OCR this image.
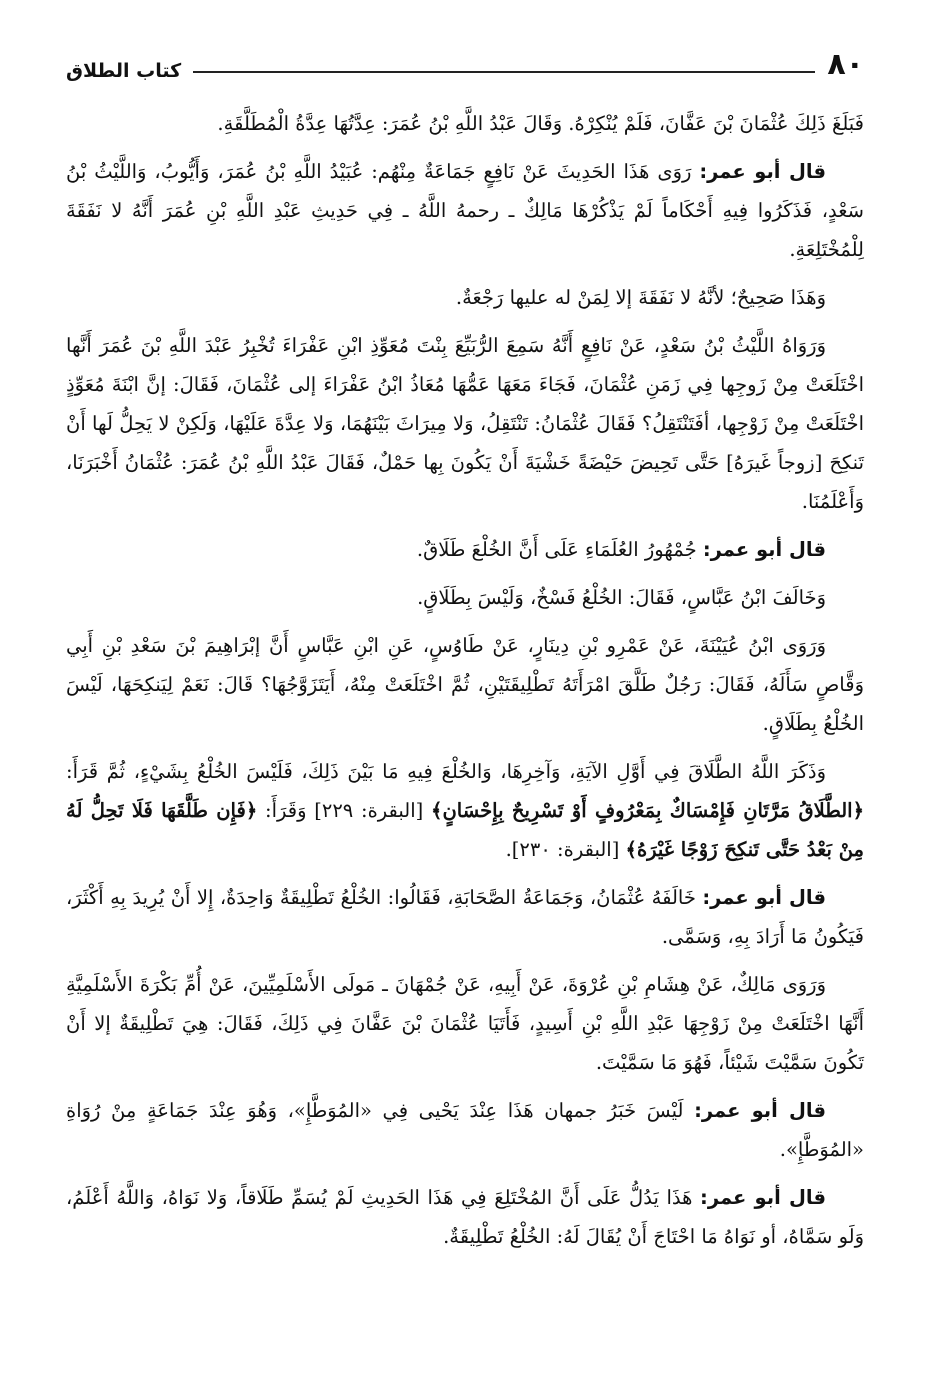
٨٠
كتاب الطلاق

فَبَلَغَ ذَلِكَ عُثْمَانَ بْنَ عَفَّانَ، فَلَمْ يُنْكِرْهُ. وَقَالَ عَبْدُ اللَّهِ بْنُ عُمَرَ: عِدَّتُهَا عِدَّةُ الْمُطَلَّقَةِ.

قال أبو عمر: رَوَى هَذَا الحَدِيثَ عَنْ نَافِعٍ جَمَاعَةٌ مِنْهُم: عُبَيْدُ اللَّهِ بْنُ عُمَرَ، وَأَيُّوبُ، وَاللَّيْثُ بْنُ سَعْدٍ، فَذَكَرُوا فِيهِ أَحْكَاماً لَمْ يَذْكُرْهَا مَالِكٌ ـ رحمهُ اللَّهُ ـ فِي حَدِيثِ عَبْدِ اللَّهِ بْنِ عُمَرَ أَنَّهُ لا نَفَقَةَ لِلْمُخْتَلِعَةِ.

وَهَذَا صَحِيحٌ؛ لأنَّهُ لا نَفَقَةَ إلا لِمَنْ له عليها رَجْعَةٌ.

وَرَوَاهُ اللَّيْثُ بْنُ سَعْدٍ، عَنْ نَافِعٍ أَنَّهُ سَمِعَ الرُّبَيِّعَ بِنْتَ مُعَوِّذِ ابْنِ عَفْرَاءَ تُخْبِرُ عَبْدَ اللَّهِ بْنَ عُمَرَ أَنَّها اخْتَلَعَتْ مِنْ زَوجِها فِي زَمَنِ عُثْمَانَ، فَجَاءَ مَعَهَا عَمُّهَا مُعَاذُ ابْنُ عَفْرَاءَ إلى عُثْمَانَ، فَقَالَ: إنَّ ابْنَةَ مُعَوِّذٍ اخْتَلَعَتْ مِنْ زَوْجِها، أفَتَنْتَقِلُ؟ فَقَالَ عُثْمَانُ: تَنْتَقِلُ، وَلا مِيرَاثَ بَيْنَهُمَا، وَلا عِدَّةَ عَلَيْهَا، وَلَكِنْ لا يَحِلُّ لَها أَنْ تَنكِحَ [زوجاً غَيرَهُ] حَتَّى تَحِيضَ حَيْضَةً خَشْيَةَ أَنْ يَكُونَ بِها حَمْلٌ، فَقَالَ عَبْدُ اللَّهِ بْنُ عُمَرَ: عُثْمَانُ أَخْبَرَنَا، وَأَعْلَمُنَا.

قال أبو عمر: جُمْهُورُ العُلَمَاءِ عَلَى أَنَّ الخُلْعَ طَلَاقٌ.

وَخَالَفَ ابْنُ عَبَّاسٍ، فَقَالَ: الخُلْعُ فَسْخٌ، وَلَيْسَ بِطَلَاقٍ.

وَرَوَى ابْنُ عُيَيْنَةَ، عَنْ عَمْرِو بْنِ دِينَارٍ، عَنْ طَاوُسٍ، عَنِ ابْنِ عَبَّاسٍ أَنَّ إبْرَاهِيمَ بْنَ سَعْدِ بْنِ أَبِي وَقَّاصٍ سَأَلَهُ، فَقَالَ: رَجُلٌ طَلَّقَ امْرَأَتَهُ تَطْلِيقَتَيْنِ، ثُمَّ اخْتَلَعَتْ مِنْهُ، أَيَتَزَوَّجُهَا؟ قَالَ: نَعَمْ لِيَنكِحَهَا، لَيْسَ الخُلْعُ بِطَلَاقٍ.

وَذَكَرَ اللَّهُ الطَّلَاقَ فِي أَوَّلِ الآيَةِ، وَآخِرِهَا، وَالخُلْعَ فِيهِ مَا بَيْنَ ذَلِكَ، فَلَيْسَ الخُلْعُ بِشَيْءٍ، ثُمَّ قَرَأَ: ﴿الطَّلَاقُ مَرَّتَانِ فَإِمْسَاكٌ بِمَعْرُوفٍ أَوْ تَسْرِيحٌ بِإِحْسَانٍ﴾ [البقرة: ٢٢٩] وَقَرَأَ: ﴿فَإِن طَلَّقَهَا فَلَا تَحِلُّ لَهُ مِنْ بَعْدُ حَتَّى تَنكِحَ زَوْجًا غَيْرَهُ﴾ [البقرة: ٢٣٠].

قال أبو عمر: خَالَفَهُ عُثْمَانُ، وَجَمَاعَةُ الصَّحَابَةِ، فَقَالُوا: الخُلْعُ تَطْلِيقَةٌ وَاحِدَةٌ، إِلا أَنْ يُرِيدَ بِهِ أَكْثَرَ، فَيَكُونُ مَا أَرَادَ بِهِ، وَسَمَّى.

وَرَوَى مَالِكٌ، عَنْ هِشَامِ بْنِ عُرْوَةَ، عَنْ أَبِيهِ، عَنْ جُمْهَانَ ـ مَولَى الأَسْلَمِيِّينَ، عَنْ أُمِّ بَكْرَةَ الأَسْلَمِيَّةِ أَنَّهَا اخْتَلَعَتْ مِنْ زَوْجِهَا عَبْدِ اللَّهِ بْنِ أَسِيدٍ، فَأَتَيَا عُثْمَانَ بْنَ عَفَّانَ فِي ذَلِكَ، فَقَالَ: هِيَ تَطْلِيقَةٌ إلا أَنْ تَكُونَ سَمَّيْتَ شَيْئاً، فَهُوَ مَا سَمَّيْتَ.

قال أبو عمر: لَيْسَ خَبَرُ جمهان هَذَا عِنْدَ يَحْيى فِي «المُوَطَّإِ»، وَهُوَ عِنْدَ جَمَاعَةٍ مِنْ رُوَاةِ «المُوَطَّإِ».

قال أبو عمر: هَذَا يَدُلُّ عَلَى أَنَّ المُخْتَلِعَ فِي هَذَا الحَدِيثِ لَمْ يُسَمِّ طَلَاقاً، وَلا نَوَاهُ، وَاللَّهُ أَعْلَمُ، وَلَو سَمَّاهُ، أو نَوَاهُ مَا احْتَاجَ أَنْ يُقَالَ لَهُ: الخُلْعُ تَطْلِيقَةٌ.
